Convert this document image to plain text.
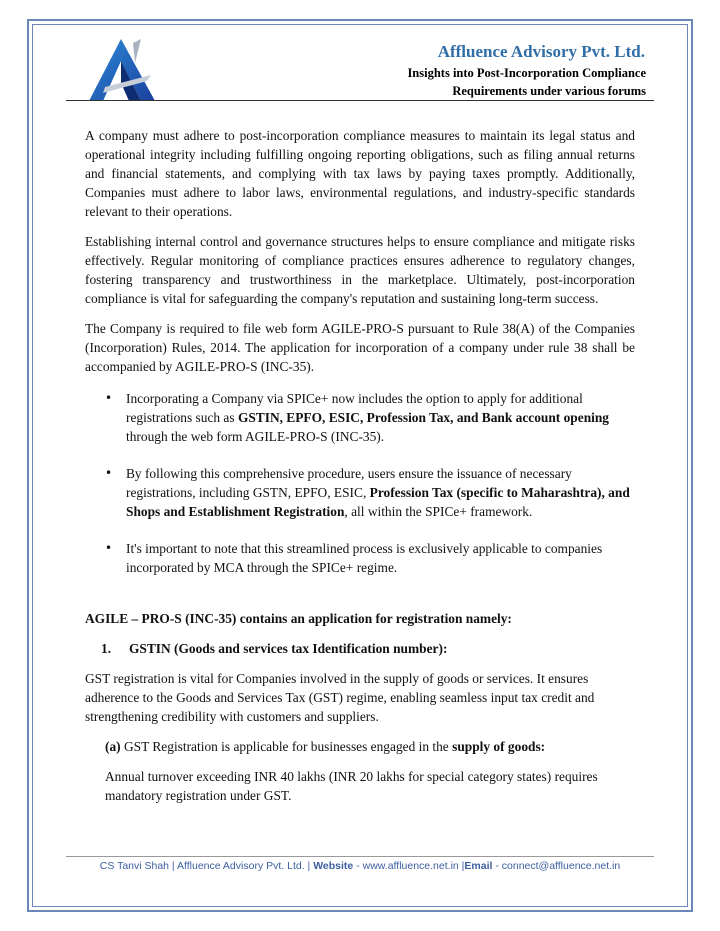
Affluence Advisory Pvt. Ltd.
Insights into Post-Incorporation Compliance
Requirements under various forums

A company must adhere to post-incorporation compliance measures to maintain its legal status and operational integrity including fulfilling ongoing reporting obligations, such as filing annual returns and financial statements, and complying with tax laws by paying taxes promptly. Additionally, Companies must adhere to labor laws, environmental regulations, and industry-specific standards relevant to their operations.

Establishing internal control and governance structures helps to ensure compliance and mitigate risks effectively. Regular monitoring of compliance practices ensures adherence to regulatory changes, fostering transparency and trustworthiness in the marketplace. Ultimately, post-incorporation compliance is vital for safeguarding the company's reputation and sustaining long-term success.

The Company is required to file web form AGILE-PRO-S pursuant to Rule 38(A) of the Companies (Incorporation) Rules, 2014. The application for incorporation of a company under rule 38 shall be accompanied by AGILE-PRO-S (INC-35).

• Incorporating a Company via SPICe+ now includes the option to apply for additional registrations such as GSTIN, EPFO, ESIC, Profession Tax, and Bank account opening through the web form AGILE-PRO-S (INC-35).
• By following this comprehensive procedure, users ensure the issuance of necessary registrations, including GSTN, EPFO, ESIC, Profession Tax (specific to Maharashtra), and Shops and Establishment Registration, all within the SPICe+ framework.
• It's important to note that this streamlined process is exclusively applicable to companies incorporated by MCA through the SPICe+ regime.
AGILE – PRO-S (INC-35) contains an application for registration namely:
1. GSTIN (Goods and services tax Identification number):

GST registration is vital for Companies involved in the supply of goods or services. It ensures adherence to the Goods and Services Tax (GST) regime, enabling seamless input tax credit and strengthening credibility with customers and suppliers.

(a) GST Registration is applicable for businesses engaged in the supply of goods:

Annual turnover exceeding INR 40 lakhs (INR 20 lakhs for special category states) requires mandatory registration under GST.

CS Tanvi Shah | Affluence Advisory Pvt. Ltd. | Website - www.affluence.net.in |Email - connect@affluence.net.in
